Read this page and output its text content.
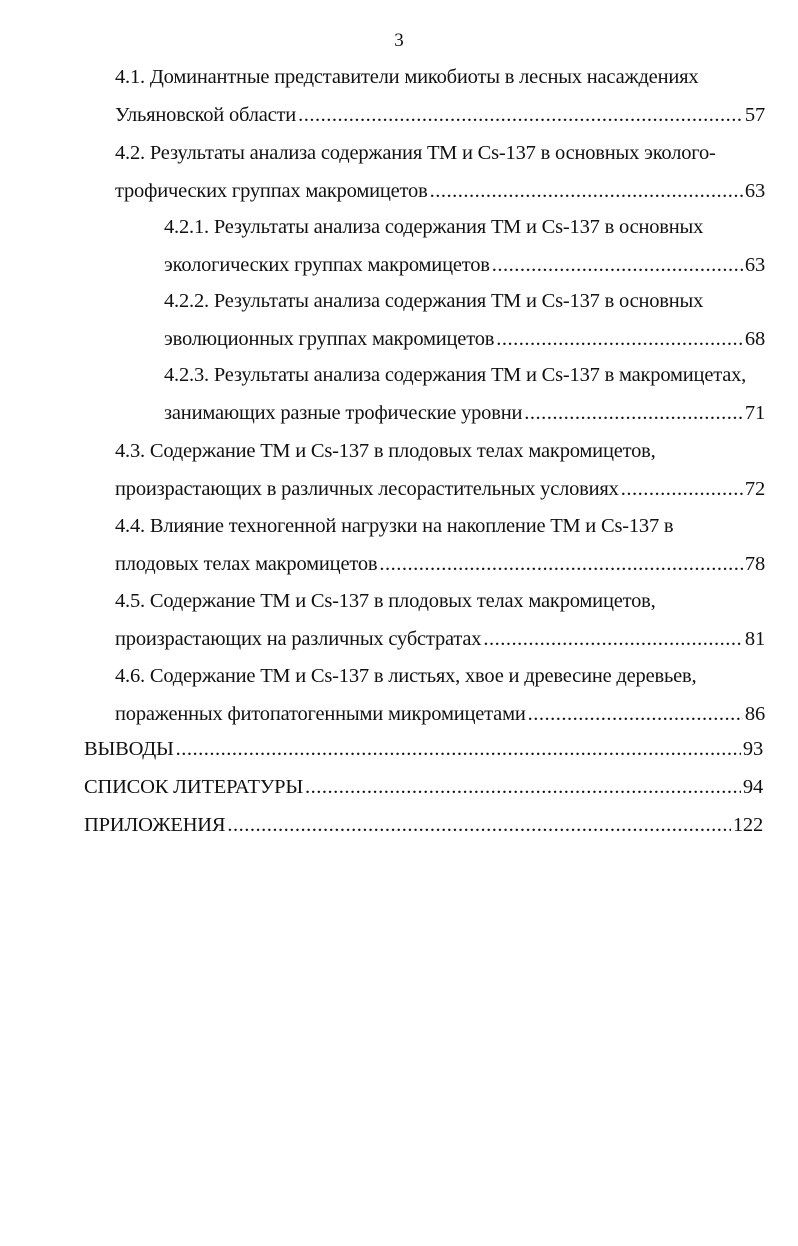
3
4.1. Доминантные представители микобиоты в лесных насаждениях
Ульяновской области .....	57
4.2. Результаты анализа содержания ТМ и Cs-137 в основных эколого-
трофических группах макромицетов .....	63
4.2.1. Результаты анализа содержания ТМ и Cs-137 в основных
экологических группах макромицетов .....	63
4.2.2. Результаты анализа содержания ТМ и Cs-137 в основных
эволюционных группах макромицетов .....	68
4.2.3. Результаты анализа содержания ТМ и Cs-137 в макромицетах,
занимающих разные трофические уровни .....	71
4.3. Содержание ТМ и Cs-137 в плодовых телах макромицетов,
произрастающих в различных лесорастительных условиях .....	72
4.4. Влияние техногенной нагрузки на накопление ТМ и Cs-137 в
плодовых телах макромицетов .....	78
4.5. Содержание ТМ и Cs-137 в плодовых телах макромицетов,
произрастающих на различных субстратах .....	81
4.6. Содержание ТМ и Cs-137 в листьях, хвое и древесине деревьев,
пораженных фитопатогенными микромицетами .....	86
ВЫВОДЫ .....	93
СПИСОК ЛИТЕРАТУРЫ .....	94
ПРИЛОЖЕНИЯ .....	122
